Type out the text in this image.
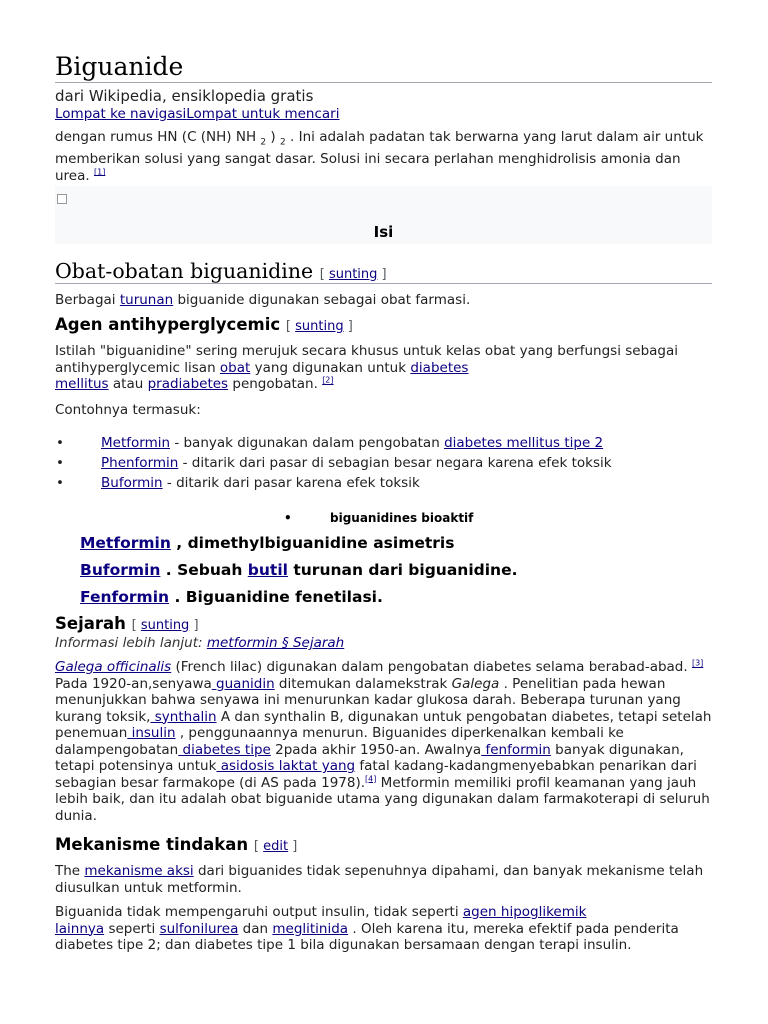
Biguanide
dari Wikipedia, ensiklopedia gratis
Lompat ke navigasiLompat untuk mencari
dengan rumus HN (C (NH) NH $_2$ ) $_2$ . Ini adalah padatan tak berwarna yang larut dalam air untuk memberikan solusi yang sangat dasar. Solusi ini secara perlahan menghidrolisis amonia dan urea. [1]
Isi
Obat-obatan biguanidine [ sunting ]
Berbagai turunan biguanide digunakan sebagai obat farmasi.
Agen antihyperglycemic [ sunting ]
Istilah "biguanidine" sering merujuk secara khusus untuk kelas obat yang berfungsi sebagai antihyperglycemic lisan obat yang digunakan untuk diabetes
mellitus atau pradiabetes pengobatan. [2]
Contohnya termasuk:
•	Metformin - banyak digunakan dalam pengobatan diabetes mellitus tipe 2
•	Phenformin - ditarik dari pasar di sebagian besar negara karena efek toksik
•	Buformin - ditarik dari pasar karena efek toksik
•	biguanidines bioaktif
Metformin , dimethylbiguanidine asimetris
Buformin . Sebuah butil turunan dari biguanidine.
Fenformin . Biguanidine fenetilasi.
Sejarah [ sunting ]
Informasi lebih lanjut: metformin § Sejarah
Galega officinalis (French lilac) digunakan dalam pengobatan diabetes selama berabad-abad. [3] Pada 1920-an,senyawa guanidin ditemukan dalamekstrak Galega . Penelitian pada hewan menunjukkan bahwa senyawa ini menurunkan kadar glukosa darah. Beberapa turunan yang kurang toksik, synthalin A dan synthalin B, digunakan untuk pengobatan diabetes, tetapi setelah penemuan insulin , penggunaannya menurun. Biguanides diperkenalkan kembali ke dalampengobatan diabetes tipe 2pada akhir 1950-an. Awalnya fenformin banyak digunakan, tetapi potensinya untuk asidosis laktat yang fatal kadang-kadangmenyebabkan penarikan dari sebagian besar farmakope (di AS pada 1978).[4] Metformin memiliki profil keamanan yang jauh lebih baik, dan itu adalah obat biguanide utama yang digunakan dalam farmakoterapi di seluruh dunia.
Mekanisme tindakan [ edit ]
The mekanisme aksi dari biguanides tidak sepenuhnya dipahami, dan banyak mekanisme telah diusulkan untuk metformin.
Biguanida tidak mempengaruhi output insulin, tidak seperti agen hipoglikemik
lainnya seperti sulfonilurea dan meglitinida . Oleh karena itu, mereka efektif pada penderita diabetes tipe 2; dan diabetes tipe 1 bila digunakan bersamaan dengan terapi insulin.
